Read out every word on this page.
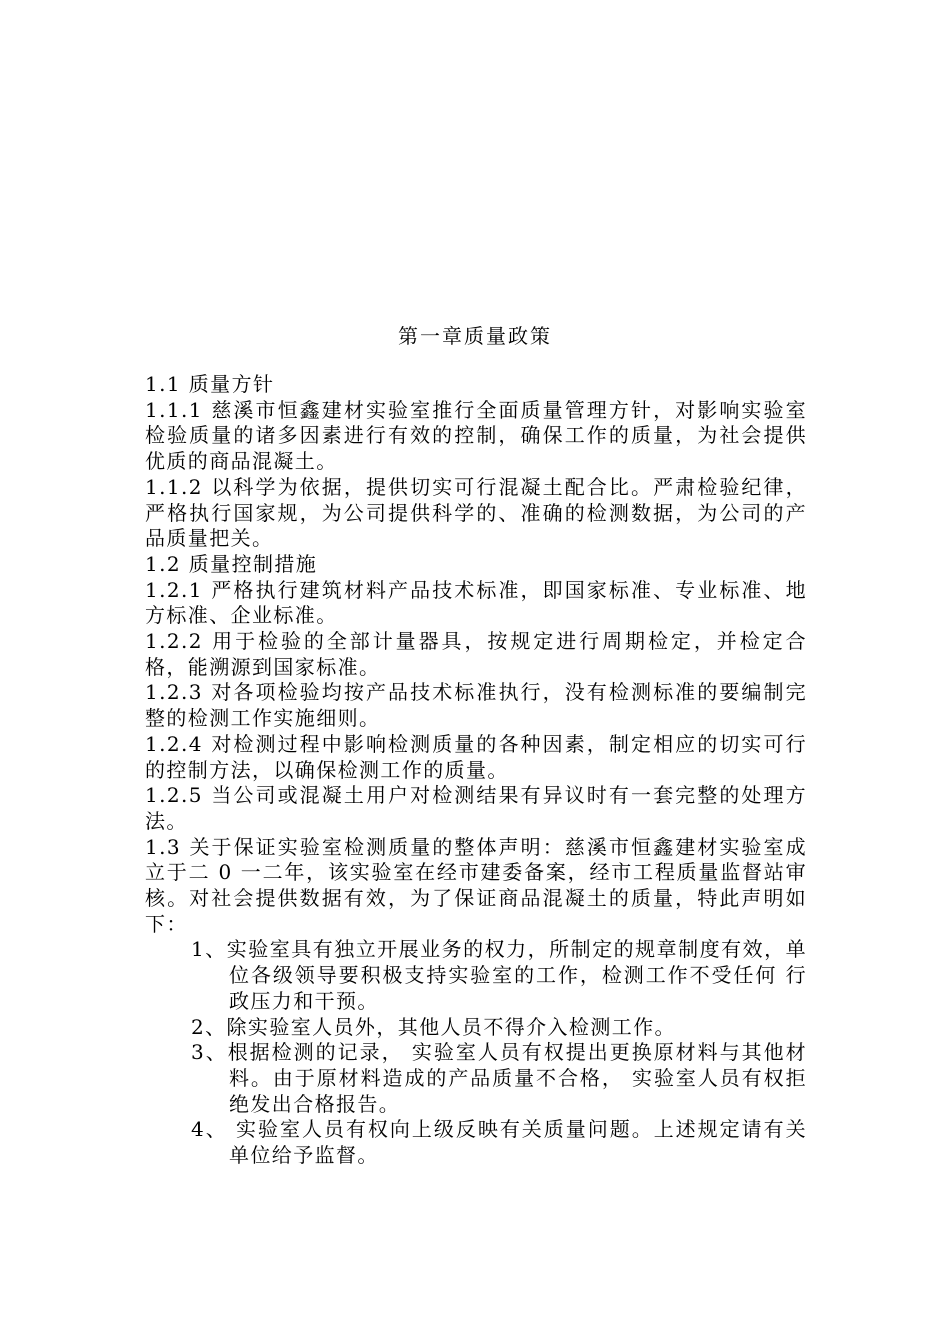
第一章质量政策

1.1 质量方针

1.1.1 慈溪市恒鑫建材实验室推行全面质量管理方针，对影响实验室检验质量的诸多因素进行有效的控制，确保工作的质量，为社会提供优质的商品混凝土。

1.1.2 以科学为依据，提供切实可行混凝土配合比。严肃检验纪律，严格执行国家规，为公司提供科学的、准确的检测数据，为公司的产品质量把关。

1.2 质量控制措施

1.2.1 严格执行建筑材料产品技术标准，即国家标准、专业标准、地方标准、企业标准。

1.2.2 用于检验的全部计量器具，按规定进行周期检定，并检定合格，能溯源到国家标准。

1.2.3 对各项检验均按产品技术标准执行，没有检测标准的要编制完 整的检测工作实施细则。

1.2.4 对检测过程中影响检测质量的各种因素，制定相应的切实可行的控制方法，以确保检测工作的质量。

1.2.5 当公司或混凝土用户对检测结果有异议时有一套完整的处理方法。

1.3 关于保证实验室检测质量的整体声明：慈溪市恒鑫建材实验室成立于二 0 一二年，该实验室在经市建委备案，经市工程质量监督站审核。对社会提供数据有效，为了保证商品混凝土的质量，特此声明如下：

1、实验室具有独立开展业务的权力，所制定的规章制度有效，单位各级领导要积极支持实验室的工作，检测工作不受任何 行政压力和干预。

2、除实验室人员外，其他人员不得介入检测工作。

3、根据检测的记录， 实验室人员有权提出更换原材料与其他材料。由于原材料造成的产品质量不合格， 实验室人员有权拒 绝发出合格报告。

4、 实验室人员有权向上级反映有关质量问题。上述规定请有关单位给予监督。
